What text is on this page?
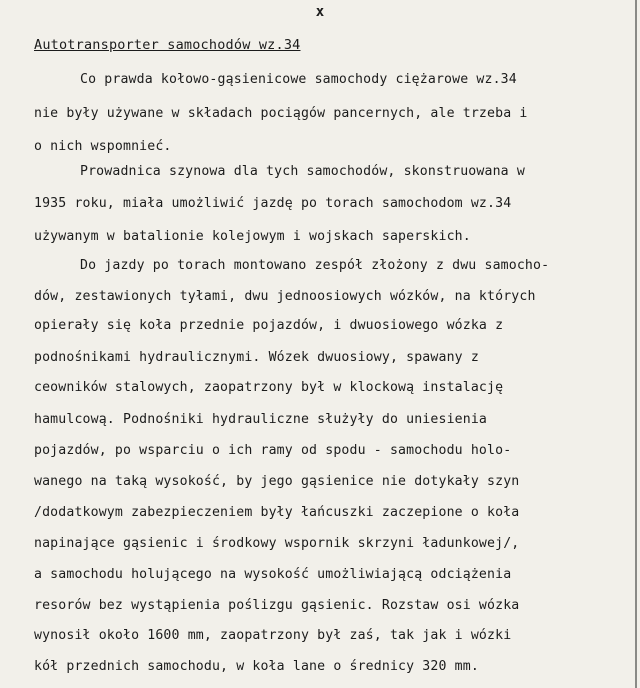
x
Autotransporter samochodów wz.34
Co prawda kołowo-gąsienicowe samochody ciężarowe wz.34
nie były używane w składach pociągów pancernych, ale trzeba i
o nich wspomnieć.
Prowadnica szynowa dla tych samochodów, skonstruowana w
1935 roku, miała umożliwić jazdę po torach samochodom wz.34
używanym w batalionie kolejowym i wojskach saperskich.
Do jazdy po torach montowano zespół złożony z dwu samocho-
dów, zestawionych tyłami, dwu jednoosiowych wózków, na których
opierały się koła przednie pojazdów, i dwuosiowego wózka z
podnośnikami hydraulicznymi. Wózek dwuosiowy, spawany z
ceowników stalowych, zaopatrzony był w klockową instalację
hamulcową. Podnośniki hydrauliczne służyły do uniesienia
pojazdów, po wsparciu o ich ramy od spodu - samochodu holo-
wanego na taką wysokość, by jego gąsienice nie dotykały szyn
/dodatkowym zabezpieczeniem były łańcuszki zaczepione o koła
napinające gąsienic i środkowy wspornik skrzyni ładunkowej/,
a samochodu holującego na wysokość umożliwiającą odciążenia
resorów bez wystąpienia poślizgu gąsienic. Rozstaw osi wózka
wynosił około 1600 mm, zaopatrzony był zaś, tak jak i wózki
kół przednich samochodu, w koła lane o średnicy 320 mm.
